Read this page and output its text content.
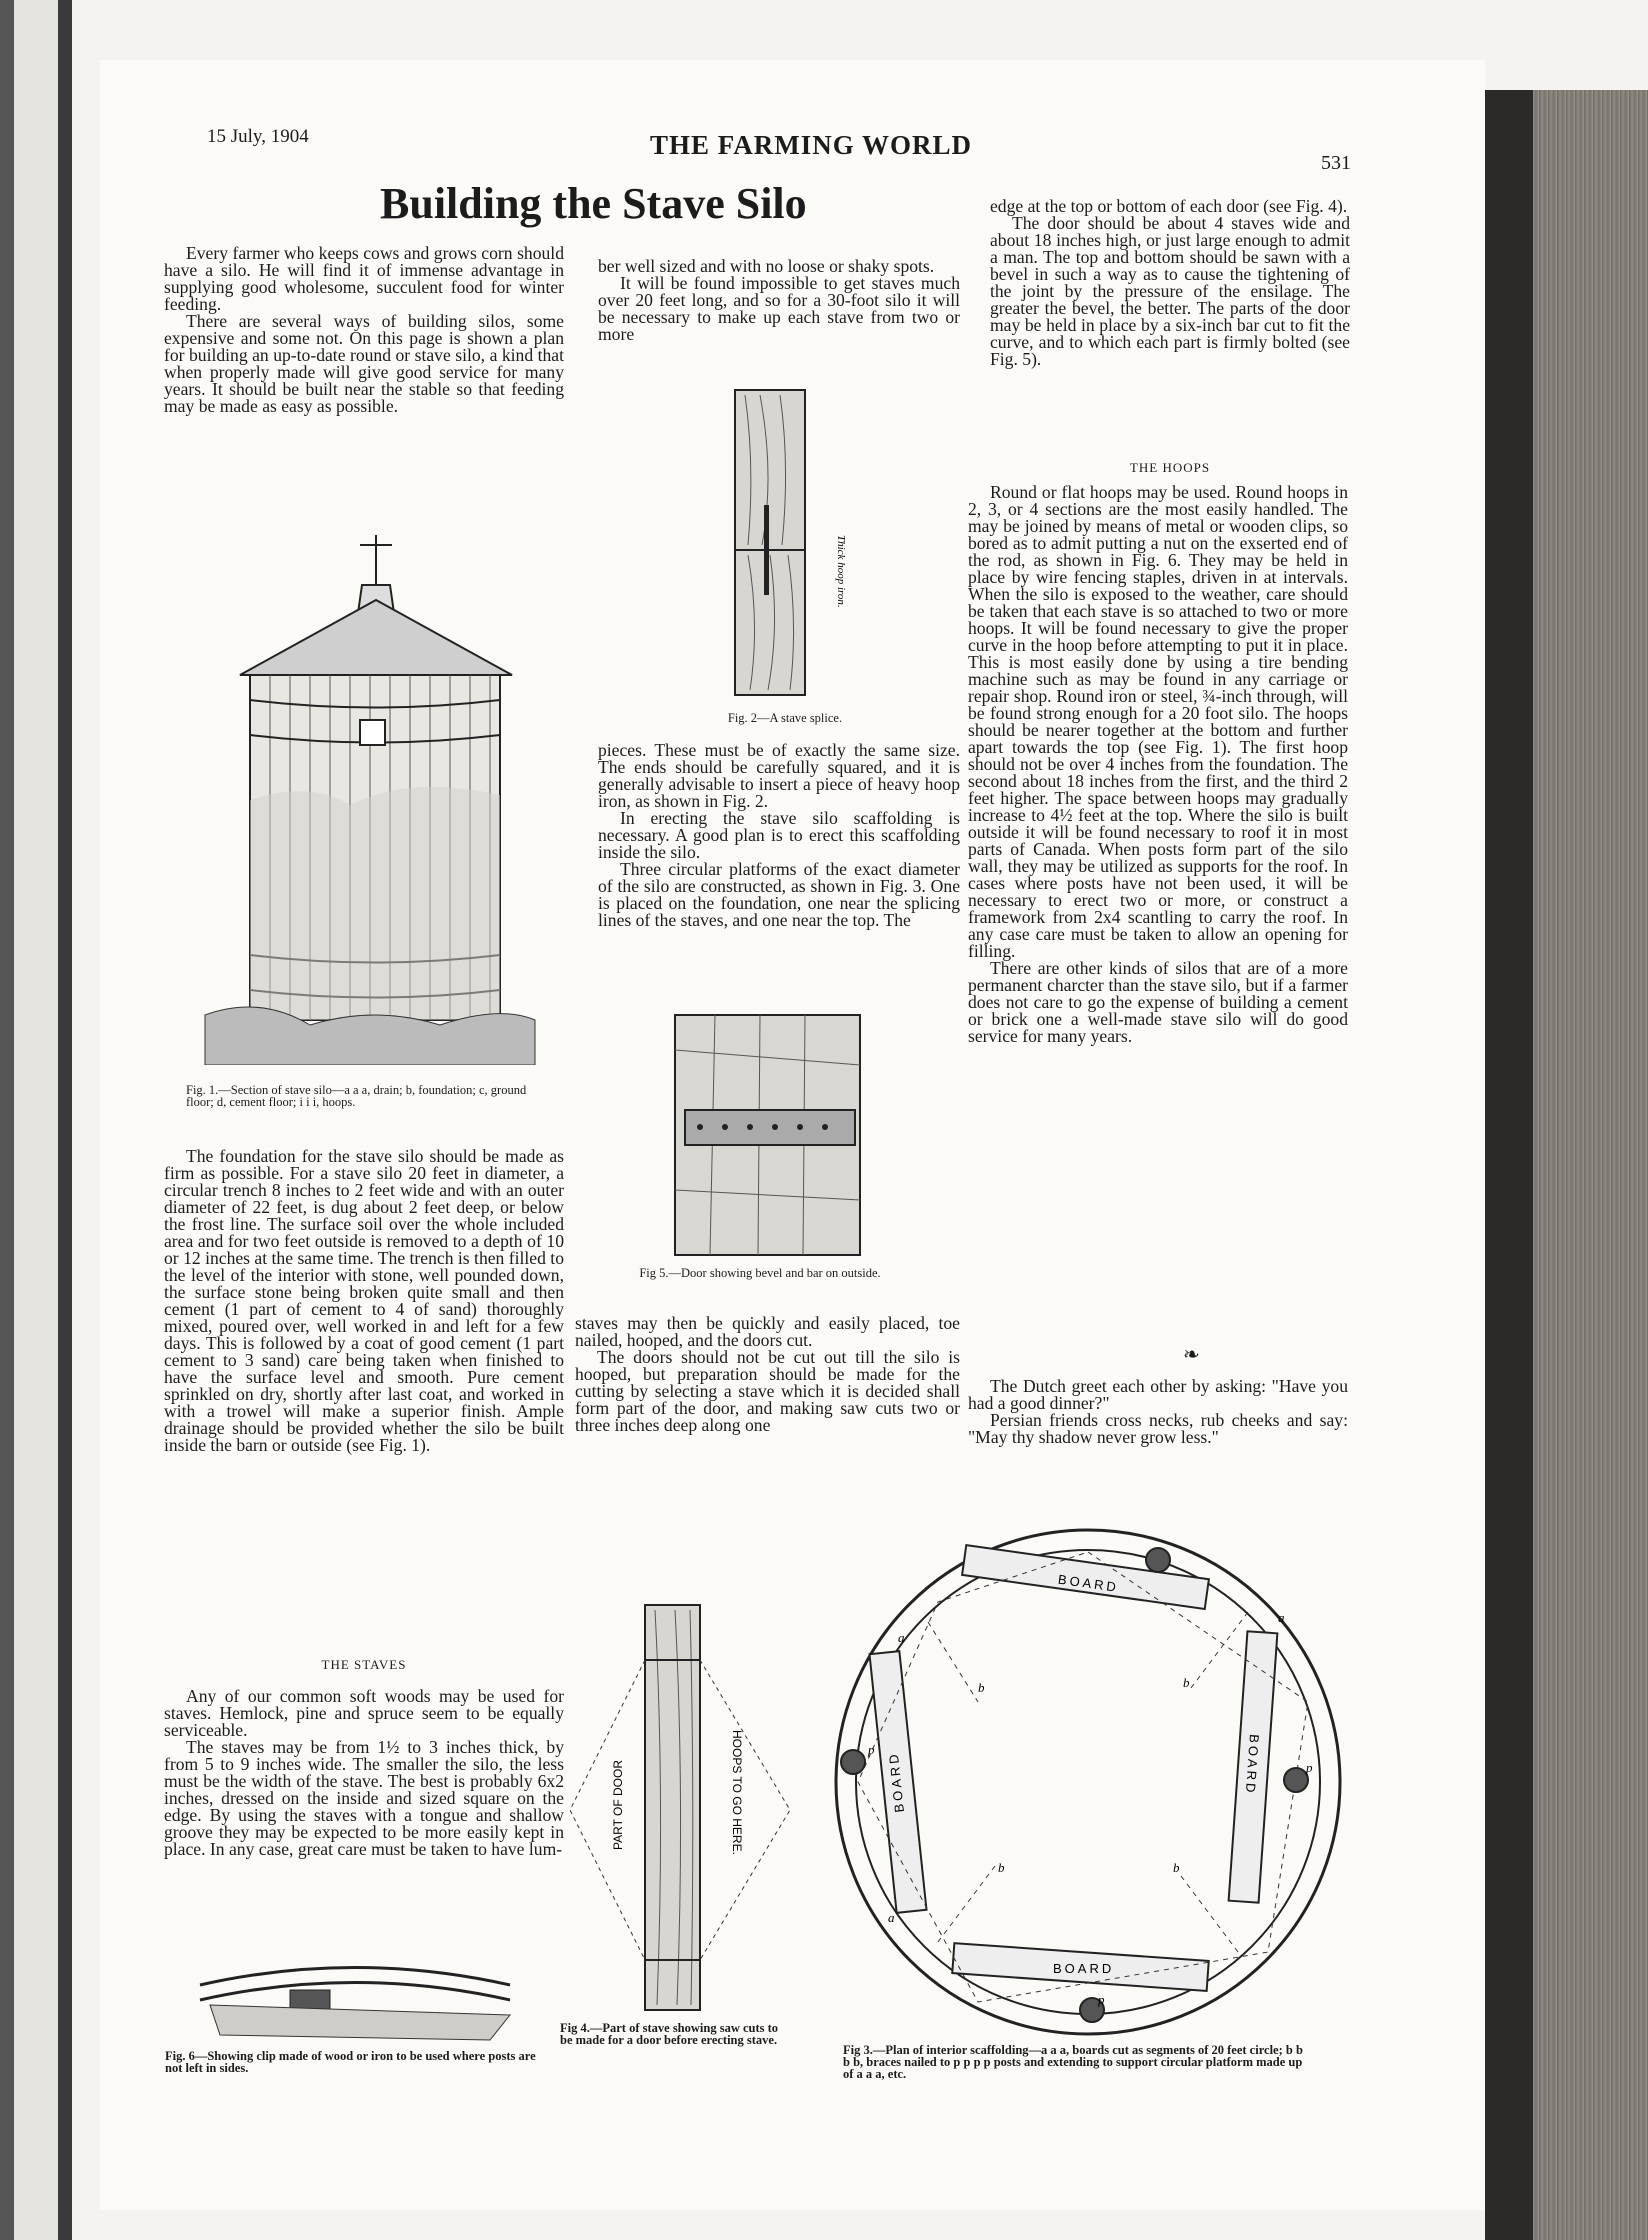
15 July, 1904	THE FARMING WORLD
531
Building the Stave Silo

Every farmer who keeps cows and grows corn should have a silo. He will find it of immense advantage in supplying good wholesome, succulent food for winter feeding.

There are several ways of building silos, some expensive and some not. On this page is shown a plan for building an up-to-date round or stave silo, a kind that when properly made will give good service for many years. It should be built near the stable so that feeding may be made as easy as possible.

Fig. 1.—Section of stave silo—a a a, drain; b, foundation; c, ground floor; d, cement floor; i i i, hoops.

The foundation for the stave silo should be made as firm as possible. For a stave silo 20 feet in diameter, a circular trench 8 inches to 2 feet wide and with an outer diameter of 22 feet, is dug about 2 feet deep, or below the frost line. The surface soil over the whole included area and for two feet outside is removed to a depth of 10 or 12 inches at the same time. The trench is then filled to the level of the interior with stone, well pounded down, the surface stone being broken quite small and then cement (1 part of cement to 4 of sand) thoroughly mixed, poured over, well worked in and left for a few days. This is followed by a coat of good cement (1 part cement to 3 sand) care being taken when finished to have the surface level and smooth. Pure cement sprinkled on dry, shortly after last coat, and worked in with a trowel will make a superior finish. Ample drainage should be provided whether the silo be built inside the barn or outside (see Fig. 1).

THE STAVES

Any of our common soft woods may be used for staves. Hemlock, pine and spruce seem to be equally serviceable.

The staves may be from 1½ to 3 inches thick, by from 5 to 9 inches wide. The smaller the silo, the less must be the width of the stave. The best is probably 6x2 inches, dressed on the inside and sized square on the edge. By using the staves with a tongue and shallow groove they may be expected to be more easily kept in place. In any case, great care must be taken to have lum-

Fig. 6—Showing clip made of wood or iron to be used where posts are not left in sides.

ber well sized and with no loose or shaky spots.

It will be found impossible to get staves much over 20 feet long, and so for a 30-foot silo it will be necessary to make up each stave from two or more

Thick hoop iron.
Fig. 2—A stave splice.

pieces. These must be of exactly the same size. The ends should be carefully squared, and it is generally advisable to insert a piece of heavy hoop iron, as shown in Fig. 2.

In erecting the stave silo scaffolding is necessary. A good plan is to erect this scaffolding inside the silo.

Three circular platforms of the exact diameter of the silo are constructed, as shown in Fig. 3. One is placed on the foundation, one near the splicing lines of the staves, and one near the top. The

Fig 5.—Door showing bevel and bar on outside.

staves may then be quickly and easily placed, toe nailed, hooped, and the doors cut.

The doors should not be cut out till the silo is hooped, but preparation should be made for the cutting by selecting a stave which it is decided shall form part of the door, and making saw cuts two or three inches deep along one

PART OF DOOR	HOOPS TO GO HERE.
Fig 4.—Part of stave showing saw cuts to be made for a door before erecting stave.

edge at the top or bottom of each door (see Fig. 4).

The door should be about 4 staves wide and about 18 inches high, or just large enough to admit a man. The top and bottom should be sawn with a bevel in such a way as to cause the tightening of the joint by the pressure of the ensilage. The greater the bevel, the better. The parts of the door may be held in place by a six-inch bar cut to fit the curve, and to which each part is firmly bolted (see Fig. 5).

THE HOOPS

Round or flat hoops may be used. Round hoops in 2, 3, or 4 sections are the most easily handled. The may be joined by means of metal or wooden clips, so bored as to admit putting a nut on the exserted end of the rod, as shown in Fig. 6. They may be held in place by wire fencing staples, driven in at intervals. When the silo is exposed to the weather, care should be taken that each stave is so attached to two or more hoops. It will be found necessary to give the proper curve in the hoop before attempting to put it in place. This is most easily done by using a tire bending machine such as may be found in any carriage or repair shop. Round iron or steel, ¾-inch through, will be found strong enough for a 20 foot silo. The hoops should be nearer together at the bottom and further apart towards the top (see Fig. 1). The first hoop should not be over 4 inches from the foundation. The second about 18 inches from the first, and the third 2 feet higher. The space between hoops may gradually increase to 4½ feet at the top. Where the silo is built outside it will be found necessary to roof it in most parts of Canada. When posts form part of the silo wall, they may be utilized as supports for the roof. In cases where posts have not been used, it will be necessary to erect two or more, or construct a framework from 2x4 scantling to carry the roof. In any case care must be taken to allow an opening for filling.

There are other kinds of silos that are of a more permanent charcter than the stave silo, but if a farmer does not care to go the expense of building a cement or brick one a well-made stave silo will do good service for many years.

❧

The Dutch greet each other by asking: "Have you had a good dinner?"

Persian friends cross necks, rub cheeks and say: "May thy shadow never grow less."

BOARD
BOARD
BOARD	BOARD
a
a
a
b	b
b	b
p
p
p
Fig 3.—Plan of interior scaffolding—a a a, boards cut as segments of 20 feet circle; b b b b, braces nailed to p p p p posts and extending to support circular platform made up of a a a, etc.
